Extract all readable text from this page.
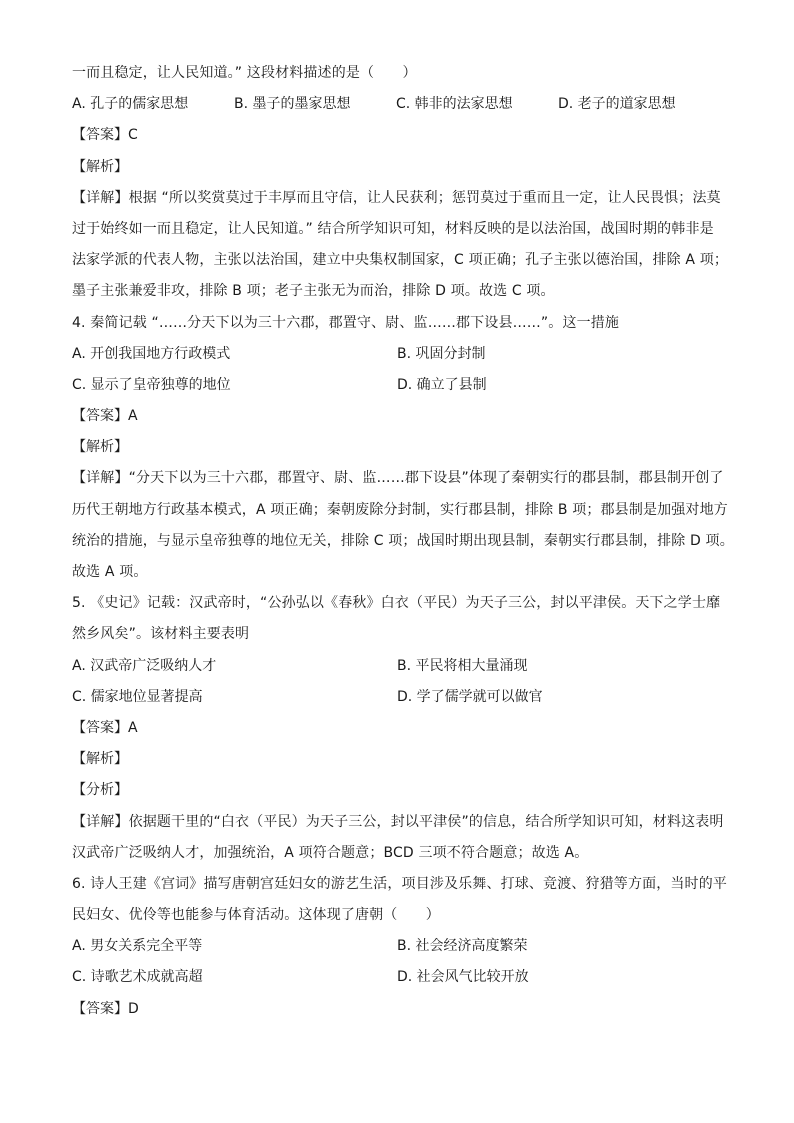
一而且稳定，让人民知道。” 这段材料描述的是（　　）
A. 孔子的儒家思想	B. 墨子的墨家思想	C. 韩非的法家思想	D. 老子的道家思想
【答案】C
【解析】
【详解】根据 “所以奖赏莫过于丰厚而且守信，让人民获利；惩罚莫过于重而且一定，让人民畏惧；法莫
过于始终如一而且稳定，让人民知道。” 结合所学知识可知，材料反映的是以法治国，战国时期的韩非是
法家学派的代表人物，主张以法治国，建立中央集权制国家，C 项正确；孔子主张以德治国，排除 A 项；
墨子主张兼爱非攻，排除 B 项；老子主张无为而治，排除 D 项。故选 C 项。
4. 秦简记载 “……分天下以为三十六郡，郡置守、尉、监……郡下设县……”。这一措施
A. 开创我国地方行政模式	B. 巩固分封制
C. 显示了皇帝独尊的地位	D. 确立了县制
【答案】A
【解析】
【详解】“分天下以为三十六郡，郡置守、尉、监……郡下设县”体现了秦朝实行的郡县制，郡县制开创了
历代王朝地方行政基本模式，A 项正确；秦朝废除分封制，实行郡县制，排除 B 项；郡县制是加强对地方
统治的措施，与显示皇帝独尊的地位无关，排除 C 项；战国时期出现县制，秦朝实行郡县制，排除 D 项。
故选 A 项。
5. 《史记》记载：汉武帝时，“公孙弘以《春秋》白衣（平民）为天子三公，封以平津侯。天下之学士靡
然乡风矣”。该材料主要表明
A. 汉武帝广泛吸纳人才	B. 平民将相大量涌现
C. 儒家地位显著提高	D. 学了儒学就可以做官
【答案】A
【解析】
【分析】
【详解】依据题干里的“白衣（平民）为天子三公，封以平津侯”的信息，结合所学知识可知，材料这表明
汉武帝广泛吸纳人才，加强统治，A 项符合题意；BCD 三项不符合题意；故选 A。
6. 诗人王建《宫词》描写唐朝宫廷妇女的游艺生活，项目涉及乐舞、打球、竞渡、狩猎等方面，当时的平
民妇女、优伶等也能参与体育活动。这体现了唐朝（　　）
A. 男女关系完全平等	B. 社会经济高度繁荣
C. 诗歌艺术成就高超	D. 社会风气比较开放
【答案】D
